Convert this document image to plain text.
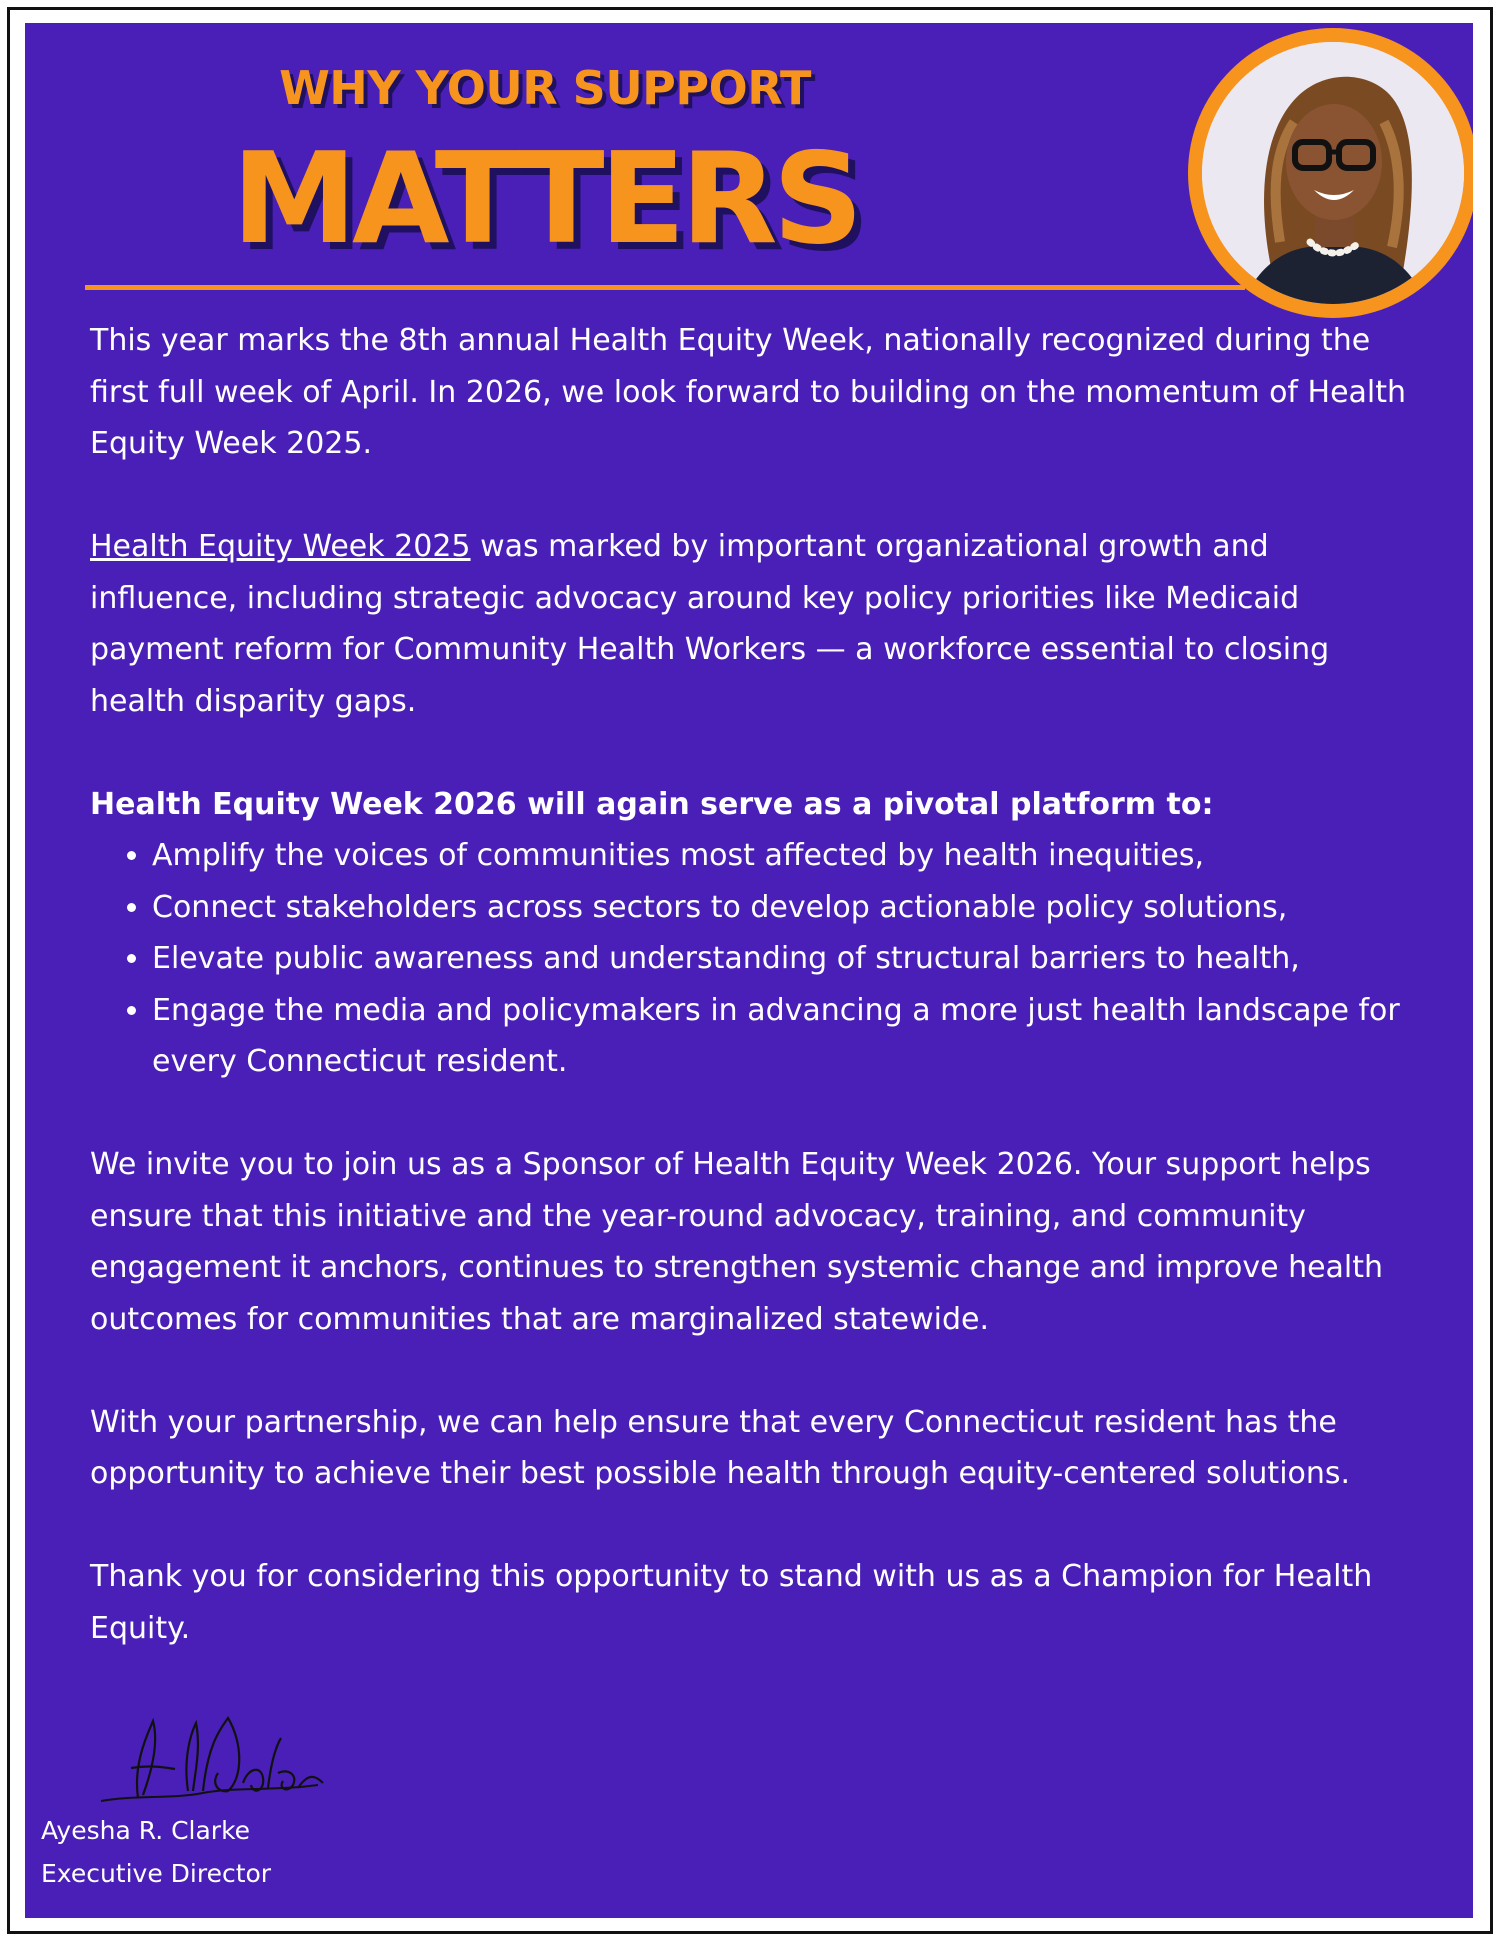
WHY YOUR SUPPORT
MATTERS

This year marks the 8th annual Health Equity Week, nationally recognized during the first full week of April. In 2026, we look forward to building on the momentum of Health Equity Week 2025.

Health Equity Week 2025 was marked by important organizational growth and influence, including strategic advocacy around key policy priorities like Medicaid payment reform for Community Health Workers — a workforce essential to closing health disparity gaps.

Health Equity Week 2026 will again serve as a pivotal platform to:

• Amplify the voices of communities most affected by health inequities,
• Connect stakeholders across sectors to develop actionable policy solutions,
• Elevate public awareness and understanding of structural barriers to health,
• Engage the media and policymakers in advancing a more just health landscape for every Connecticut resident.

We invite you to join us as a Sponsor of Health Equity Week 2026. Your support helps ensure that this initiative and the year-round advocacy, training, and community engagement it anchors, continues to strengthen systemic change and improve health outcomes for communities that are marginalized statewide.

With your partnership, we can help ensure that every Connecticut resident has the opportunity to achieve their best possible health through equity-centered solutions.

Thank you for considering this opportunity to stand with us as a Champion for Health Equity.

Ayesha R. Clarke
Executive Director
